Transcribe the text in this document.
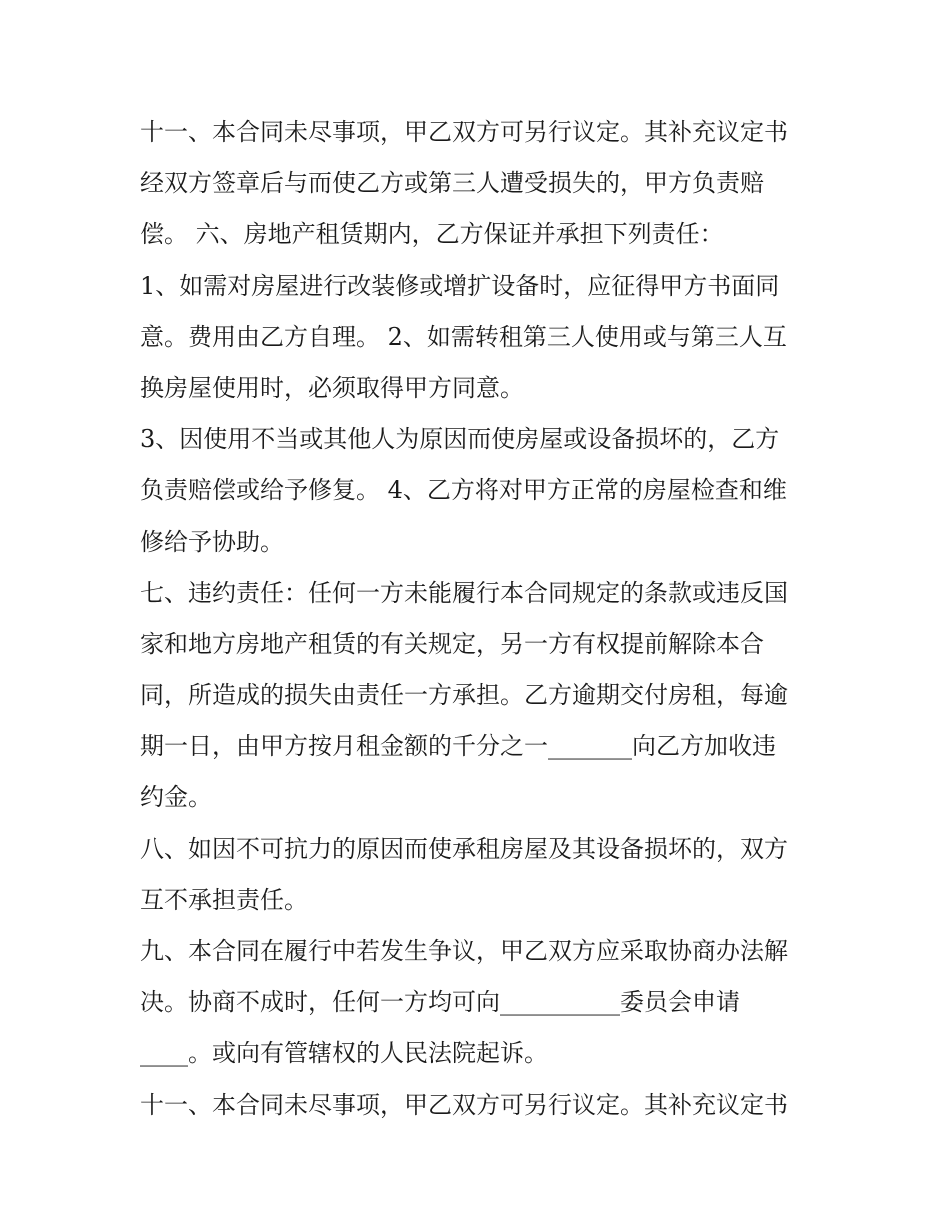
十一、本合同未尽事项，甲乙双方可另行议定。其补充议定书
经双方签章后与而使乙方或第三人遭受损失的，甲方负责赔
偿。 六、房地产租赁期内，乙方保证并承担下列责任：
1、如需对房屋进行改装修或增扩设备时，应征得甲方书面同
意。费用由乙方自理。 2、如需转租第三人使用或与第三人互
换房屋使用时，必须取得甲方同意。
3、因使用不当或其他人为原因而使房屋或设备损坏的，乙方
负责赔偿或给予修复。 4、乙方将对甲方正常的房屋检查和维
修给予协助。
七、违约责任：任何一方未能履行本合同规定的条款或违反国
家和地方房地产租赁的有关规定，另一方有权提前解除本合
同，所造成的损失由责任一方承担。乙方逾期交付房租，每逾
期一日，由甲方按月租金额的千分之一_______向乙方加收违
约金。
八、如因不可抗力的原因而使承租房屋及其设备损坏的，双方
互不承担责任。
九、本合同在履行中若发生争议，甲乙双方应采取协商办法解
决。协商不成时，任何一方均可向__________委员会申请
____。或向有管辖权的人民法院起诉。
十一、本合同未尽事项，甲乙双方可另行议定。其补充议定书
